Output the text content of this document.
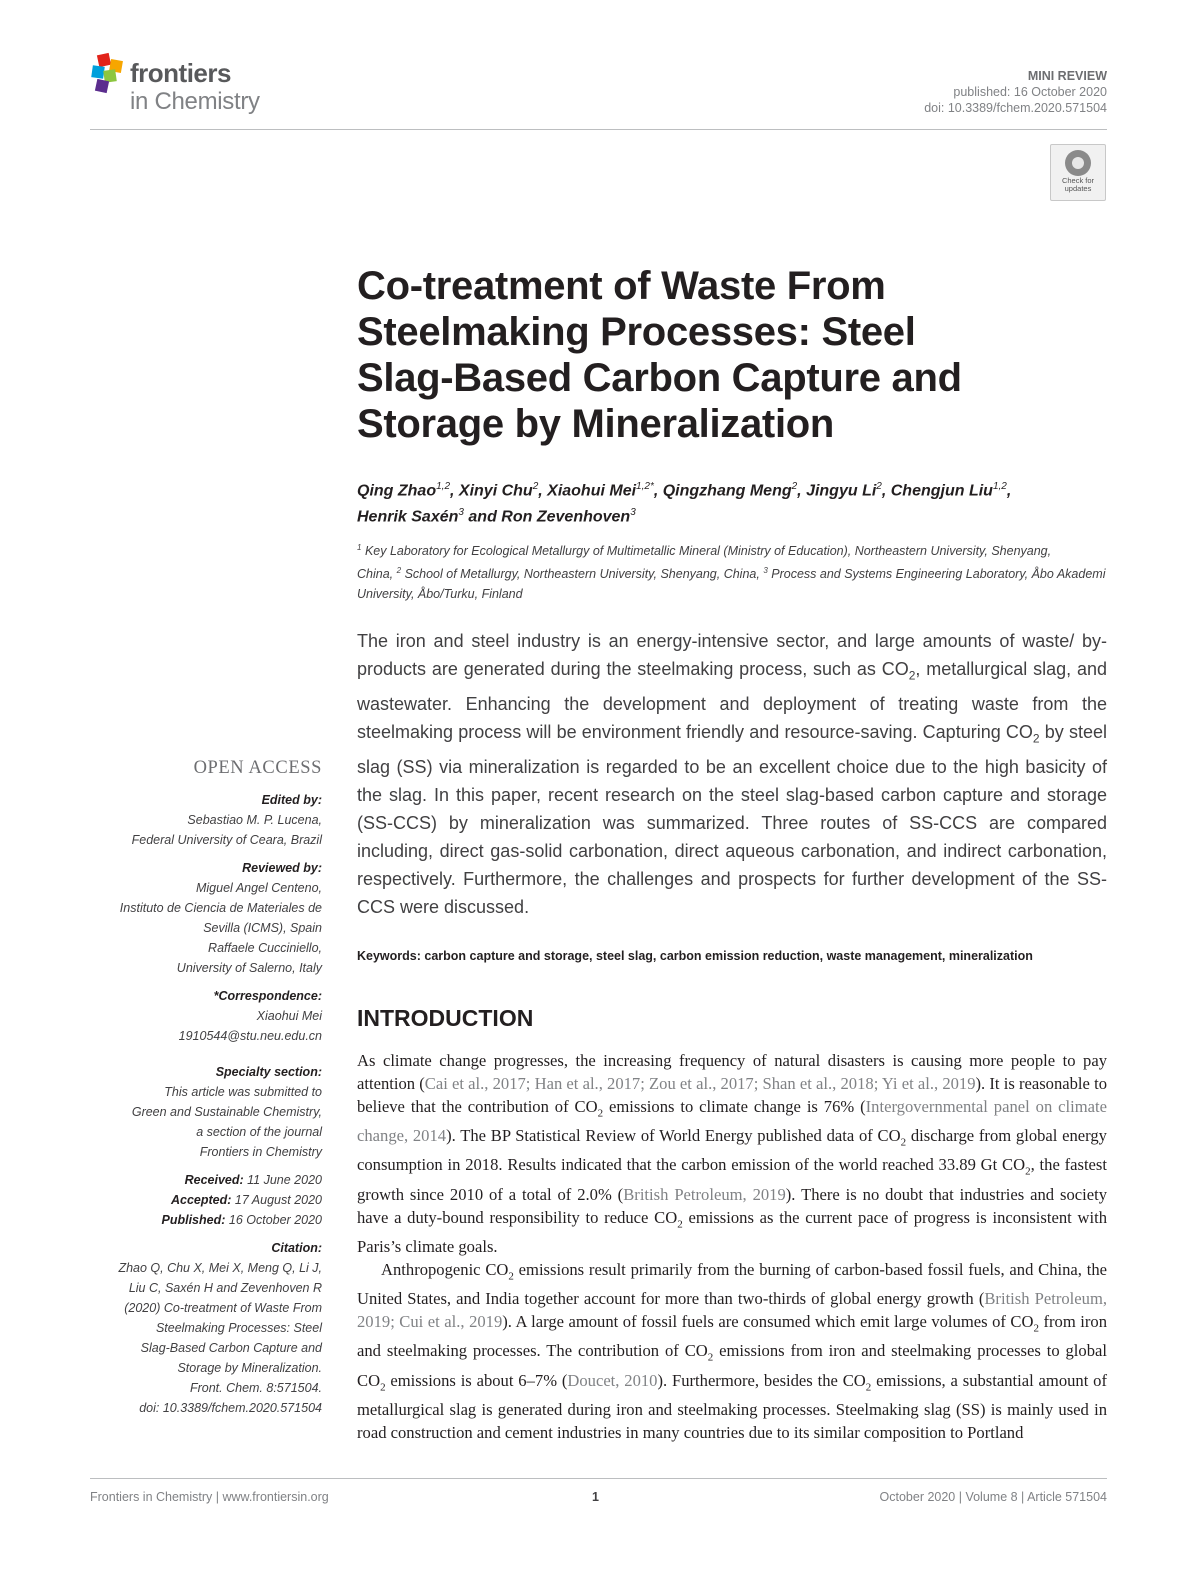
frontiers
in Chemistry
MINI REVIEW
published: 16 October 2020
doi: 10.3389/fchem.2020.571504
Check for
updates
Co-treatment of Waste From
Steelmaking Processes: Steel
Slag-Based Carbon Capture and
Storage by Mineralization
Qing Zhao$^{1,2}$, Xinyi Chu$^2$, Xiaohui Mei$^{1,2*}$, Qingzhang Meng$^2$, Jingyu Li$^2$, Chengjun Liu$^{1,2}$,
Henrik Saxén$^3$ and Ron Zevenhoven$^3$
$^1$ Key Laboratory for Ecological Metallurgy of Multimetallic Mineral (Ministry of Education), Northeastern University, Shenyang, China, $^2$ School of Metallurgy, Northeastern University, Shenyang, China, $^3$ Process and Systems Engineering Laboratory, Åbo Akademi University, Åbo/Turku, Finland
The iron and steel industry is an energy-intensive sector, and large amounts of waste/ by-products are generated during the steelmaking process, such as $CO_2$, metallurgical slag, and wastewater. Enhancing the development and deployment of treating waste from the steelmaking process will be environment friendly and resource-saving. Capturing $CO_2$ by steel slag (SS) via mineralization is regarded to be an excellent choice due to the high basicity of the slag. In this paper, recent research on the steel slag-based carbon capture and storage (SS-CCS) by mineralization was summarized. Three routes of SS-CCS are compared including, direct gas-solid carbonation, direct aqueous carbonation, and indirect carbonation, respectively. Furthermore, the challenges and prospects for further development of the SS-CCS were discussed.
Keywords: carbon capture and storage, steel slag, carbon emission reduction, waste management, mineralization
INTRODUCTION

As climate change progresses, the increasing frequency of natural disasters is causing more people to pay attention (Cai et al., 2017; Han et al., 2017; Zou et al., 2017; Shan et al., 2018; Yi et al., 2019). It is reasonable to believe that the contribution of $CO_2$ emissions to climate change is 76% (Intergovernmental panel on climate change, 2014). The BP Statistical Review of World Energy published data of $CO_2$ discharge from global energy consumption in 2018. Results indicated that the carbon emission of the world reached 33.89 Gt $CO_2$, the fastest growth since 2010 of a total of 2.0% (British Petroleum, 2019). There is no doubt that industries and society have a duty-bound responsibility to reduce $CO_2$ emissions as the current pace of progress is inconsistent with Paris’s climate goals.

Anthropogenic $CO_2$ emissions result primarily from the burning of carbon-based fossil fuels, and China, the United States, and India together account for more than two-thirds of global energy growth (British Petroleum, 2019; Cui et al., 2019). A large amount of fossil fuels are consumed which emit large volumes of $CO_2$ from iron and steelmaking processes. The contribution of $CO_2$ emissions from iron and steelmaking processes to global $CO_2$ emissions is about 6–7% (Doucet, 2010). Furthermore, besides the $CO_2$ emissions, a substantial amount of metallurgical slag is generated during iron and steelmaking processes. Steelmaking slag (SS) is mainly used in road construction and cement industries in many countries due to its similar composition to Portland

OPEN ACCESS
Edited by:
Sebastiao M. P. Lucena,
Federal University of Ceara, Brazil
Reviewed by:
Miguel Angel Centeno,
Instituto de Ciencia de Materiales de
Sevilla (ICMS), Spain
Raffaele Cucciniello,
University of Salerno, Italy
*Correspondence:
Xiaohui Mei
1910544@stu.neu.edu.cn
Specialty section:
This article was submitted to
Green and Sustainable Chemistry,
a section of the journal
Frontiers in Chemistry
Received: 11 June 2020
Accepted: 17 August 2020
Published: 16 October 2020
Citation:
Zhao Q, Chu X, Mei X, Meng Q, Li J,
Liu C, Saxén H and Zevenhoven R
(2020) Co-treatment of Waste From
Steelmaking Processes: Steel
Slag-Based Carbon Capture and
Storage by Mineralization.
Front. Chem. 8:571504.
doi: 10.3389/fchem.2020.571504
Frontiers in Chemistry | www.frontiersin.org	1	October 2020 | Volume 8 | Article 571504
